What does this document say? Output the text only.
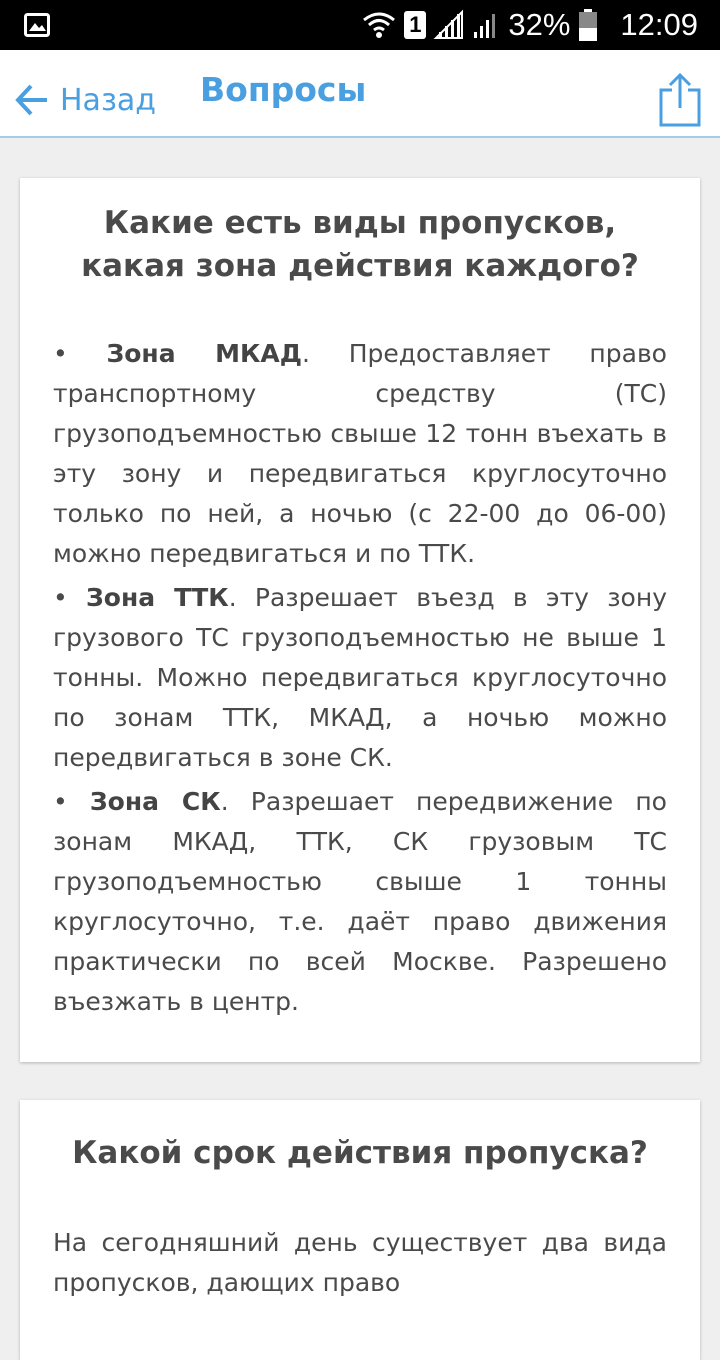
1	32% 12:09
Назад Вопросы
Какие есть виды пропусков, какая зона действия каждого?

• Зона МКАД. Предоставляет право транспортному средству (ТС) грузоподъемностью свыше 12 тонн въехать в эту зону и передвигаться круглосуточно только по ней, а ночью (с 22-00 до 06-00) можно передвигаться и по ТТК.

• Зона ТТК. Разрешает въезд в эту зону грузового ТС грузоподъемностью не выше 1 тонны. Можно передвигаться круглосуточно по зонам ТТК, МКАД, а ночью можно передвигаться в зоне СК.

• Зона СК. Разрешает передвижение по зонам МКАД, ТТК, СК грузовым ТС грузоподъемностью свыше 1 тонны круглосуточно, т.е. даёт право движения практически по всей Москве. Разрешено въезжать в центр.

Какой срок действия пропуска?

На сегодняшний день существует два вида пропусков, дающих право
